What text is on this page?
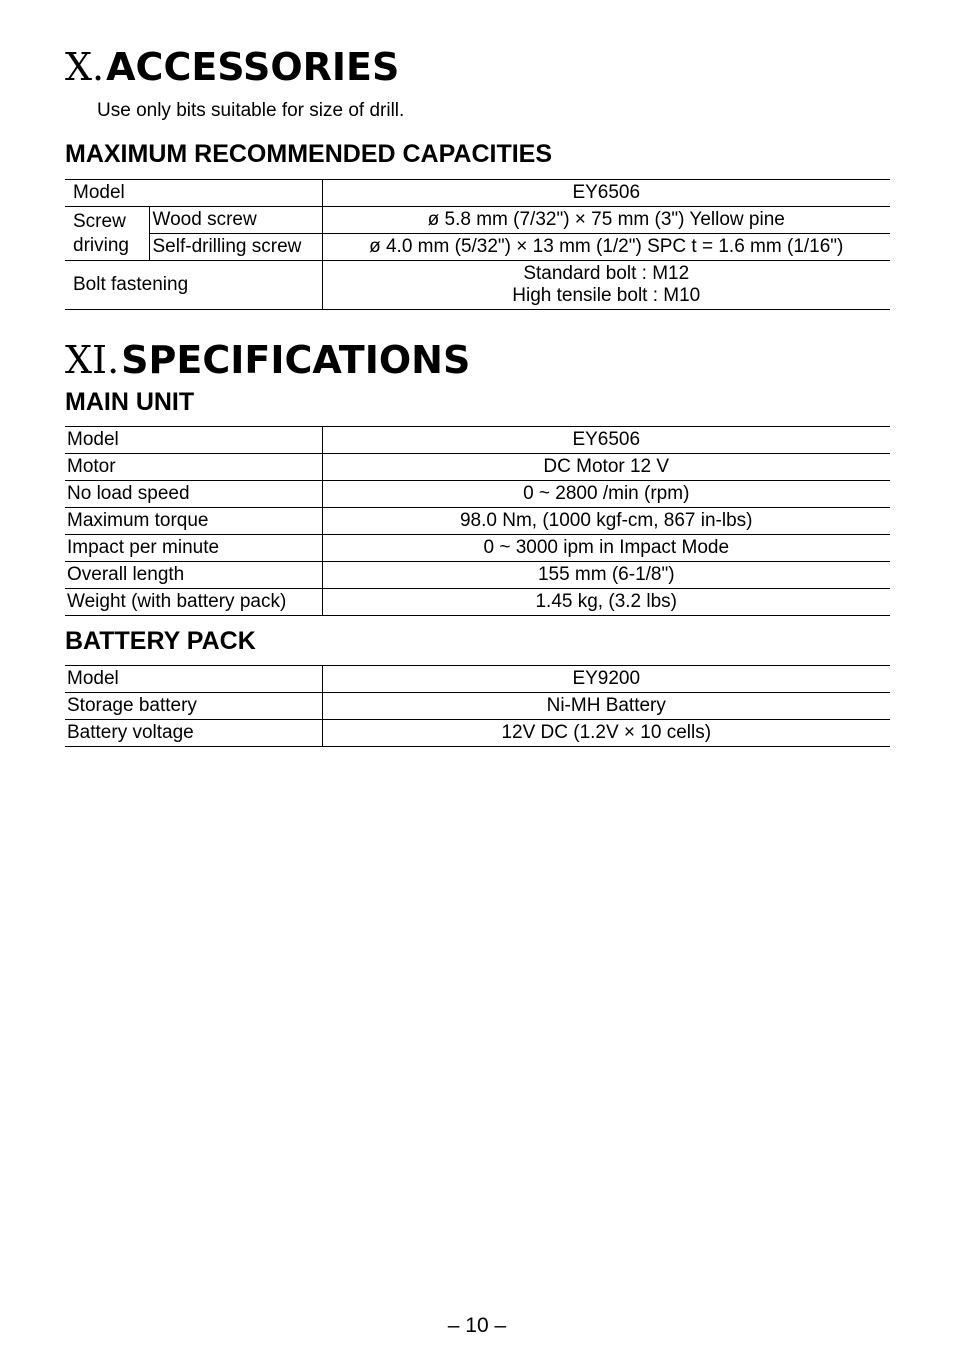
X.ACCESSORIES
Use only bits suitable for size of drill.
MAXIMUM RECOMMENDED CAPACITIES
Model		EY6506
Screw
driving	Wood screw	ø 5.8 mm (7/32") × 75 mm (3") Yellow pine
	Self-drilling screw	ø 4.0 mm (5/32") × 13 mm (1/2") SPC t = 1.6 mm (1/16")
Bolt fastening		Standard bolt : M12
High tensile bolt : M10
XI.SPECIFICATIONS
MAIN UNIT
Model	EY6506
Motor	DC Motor 12 V
No load speed	0 ~ 2800 /min (rpm)
Maximum torque	98.0 Nm, (1000 kgf-cm, 867 in-lbs)
Impact per minute	0 ~ 3000 ipm in Impact Mode
Overall length	155 mm (6-1/8")
Weight (with battery pack)	1.45 kg, (3.2 lbs)
BATTERY PACK
Model	EY9200
Storage battery	Ni-MH Battery
Battery voltage	12V DC (1.2V × 10 cells)
– 10 –
